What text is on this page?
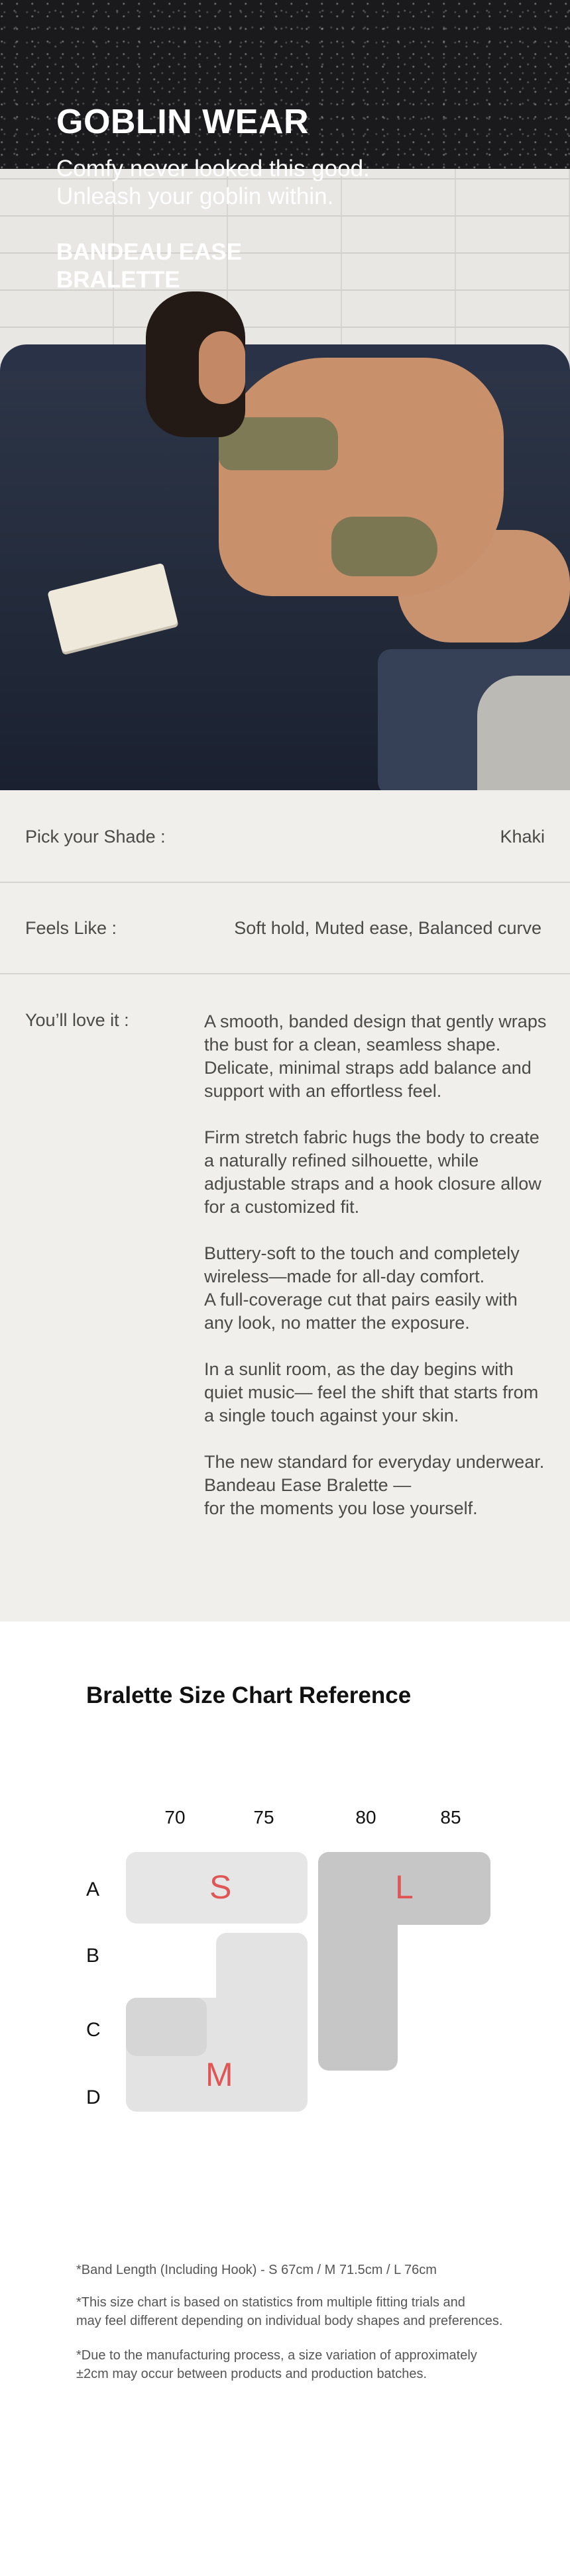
GOBLIN WEAR

Comfy never looked this good.
Unleash your goblin within.

BANDEAU EASE
BRALETTE

Pick your Shade :	Khaki
Feels Like :	Soft hold, Muted ease, Balanced curve
You’ll love it :	A smooth, banded design that gently wraps the bust for a clean, seamless shape. Delicate, minimal straps add balance and support with an effortless feel.

Firm stretch fabric hugs the body to create a naturally refined silhouette, while adjustable straps and a hook closure allow for a customized fit.

Buttery-soft to the touch and completely wireless—made for all-day comfort.
A full-coverage cut that pairs easily with any look, no matter the exposure.

In a sunlit room, as the day begins with quiet music— feel the shift that starts from a single touch against your skin.

The new standard for everyday underwear.
Bandeau Ease Bralette —
for the moments you lose yourself.

Bralette Size Chart Reference
70	75	80	85
A
B
C
D
S
M
L

*Band Length (Including Hook) - S 67cm / M 71.5cm / L 76cm

*This size chart is based on statistics from multiple fitting trials and
may feel different depending on individual body shapes and preferences.

*Due to the manufacturing process, a size variation of approximately
±2cm may occur between products and production batches.
